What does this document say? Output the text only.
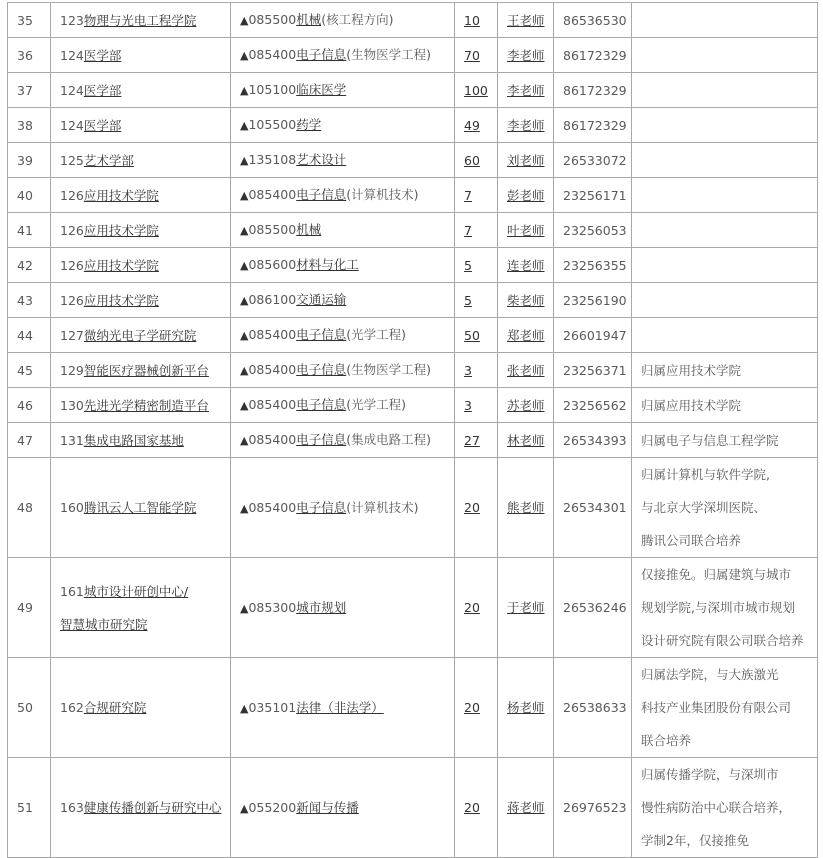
35	123物理与光电工程学院	▲085500机械(核工程方向)	10	王老师	86536530	
36	124医学部	▲085400电子信息(生物医学工程)	70	李老师	86172329	
37	124医学部	▲105100临床医学	100	李老师	86172329	
38	124医学部	▲105500药学	49	李老师	86172329	
39	125艺术学部	▲135108艺术设计	60	刘老师	26533072	
40	126应用技术学院	▲085400电子信息(计算机技术)	7	彭老师	23256171	
41	126应用技术学院	▲085500机械	7	叶老师	23256053	
42	126应用技术学院	▲085600材料与化工	5	连老师	23256355	
43	126应用技术学院	▲086100交通运输	5	柴老师	23256190	
44	127微纳光电子学研究院	▲085400电子信息(光学工程)	50	郑老师	26601947	
45	129智能医疗器械创新平台	▲085400电子信息(生物医学工程)	3	张老师	23256371	归属应用技术学院

46	130先进光学精密制造平台	▲085400电子信息(光学工程)	3	苏老师	23256562	归属应用技术学院

47	131集成电路国家基地	▲085400电子信息(集成电路工程)	27	林老师	26534393	归属电子与信息工程学院

48	160腾讯云人工智能学院	▲085400电子信息(计算机技术)	20	熊老师	26534301	归属计算机与软件学院,
与北京大学深圳医院、
腾讯公司联合培养

49	161城市设计研创中心/
智慧城市研究院	▲085300城市规划	20	于老师	26536246	仅接推免。归属建筑与城市
规划学院,与深圳市城市规划
设计研究院有限公司联合培养

50	162合规研究院	▲035101法律（非法学）	20	杨老师	26538633	归属法学院，与大族激光
科技产业集团股份有限公司
联合培养

51	163健康传播创新与研究中心	▲055200新闻与传播	20	蒋老师	26976523	归属传播学院，与深圳市
慢性病防治中心联合培养，
学制2年，仅接推免
